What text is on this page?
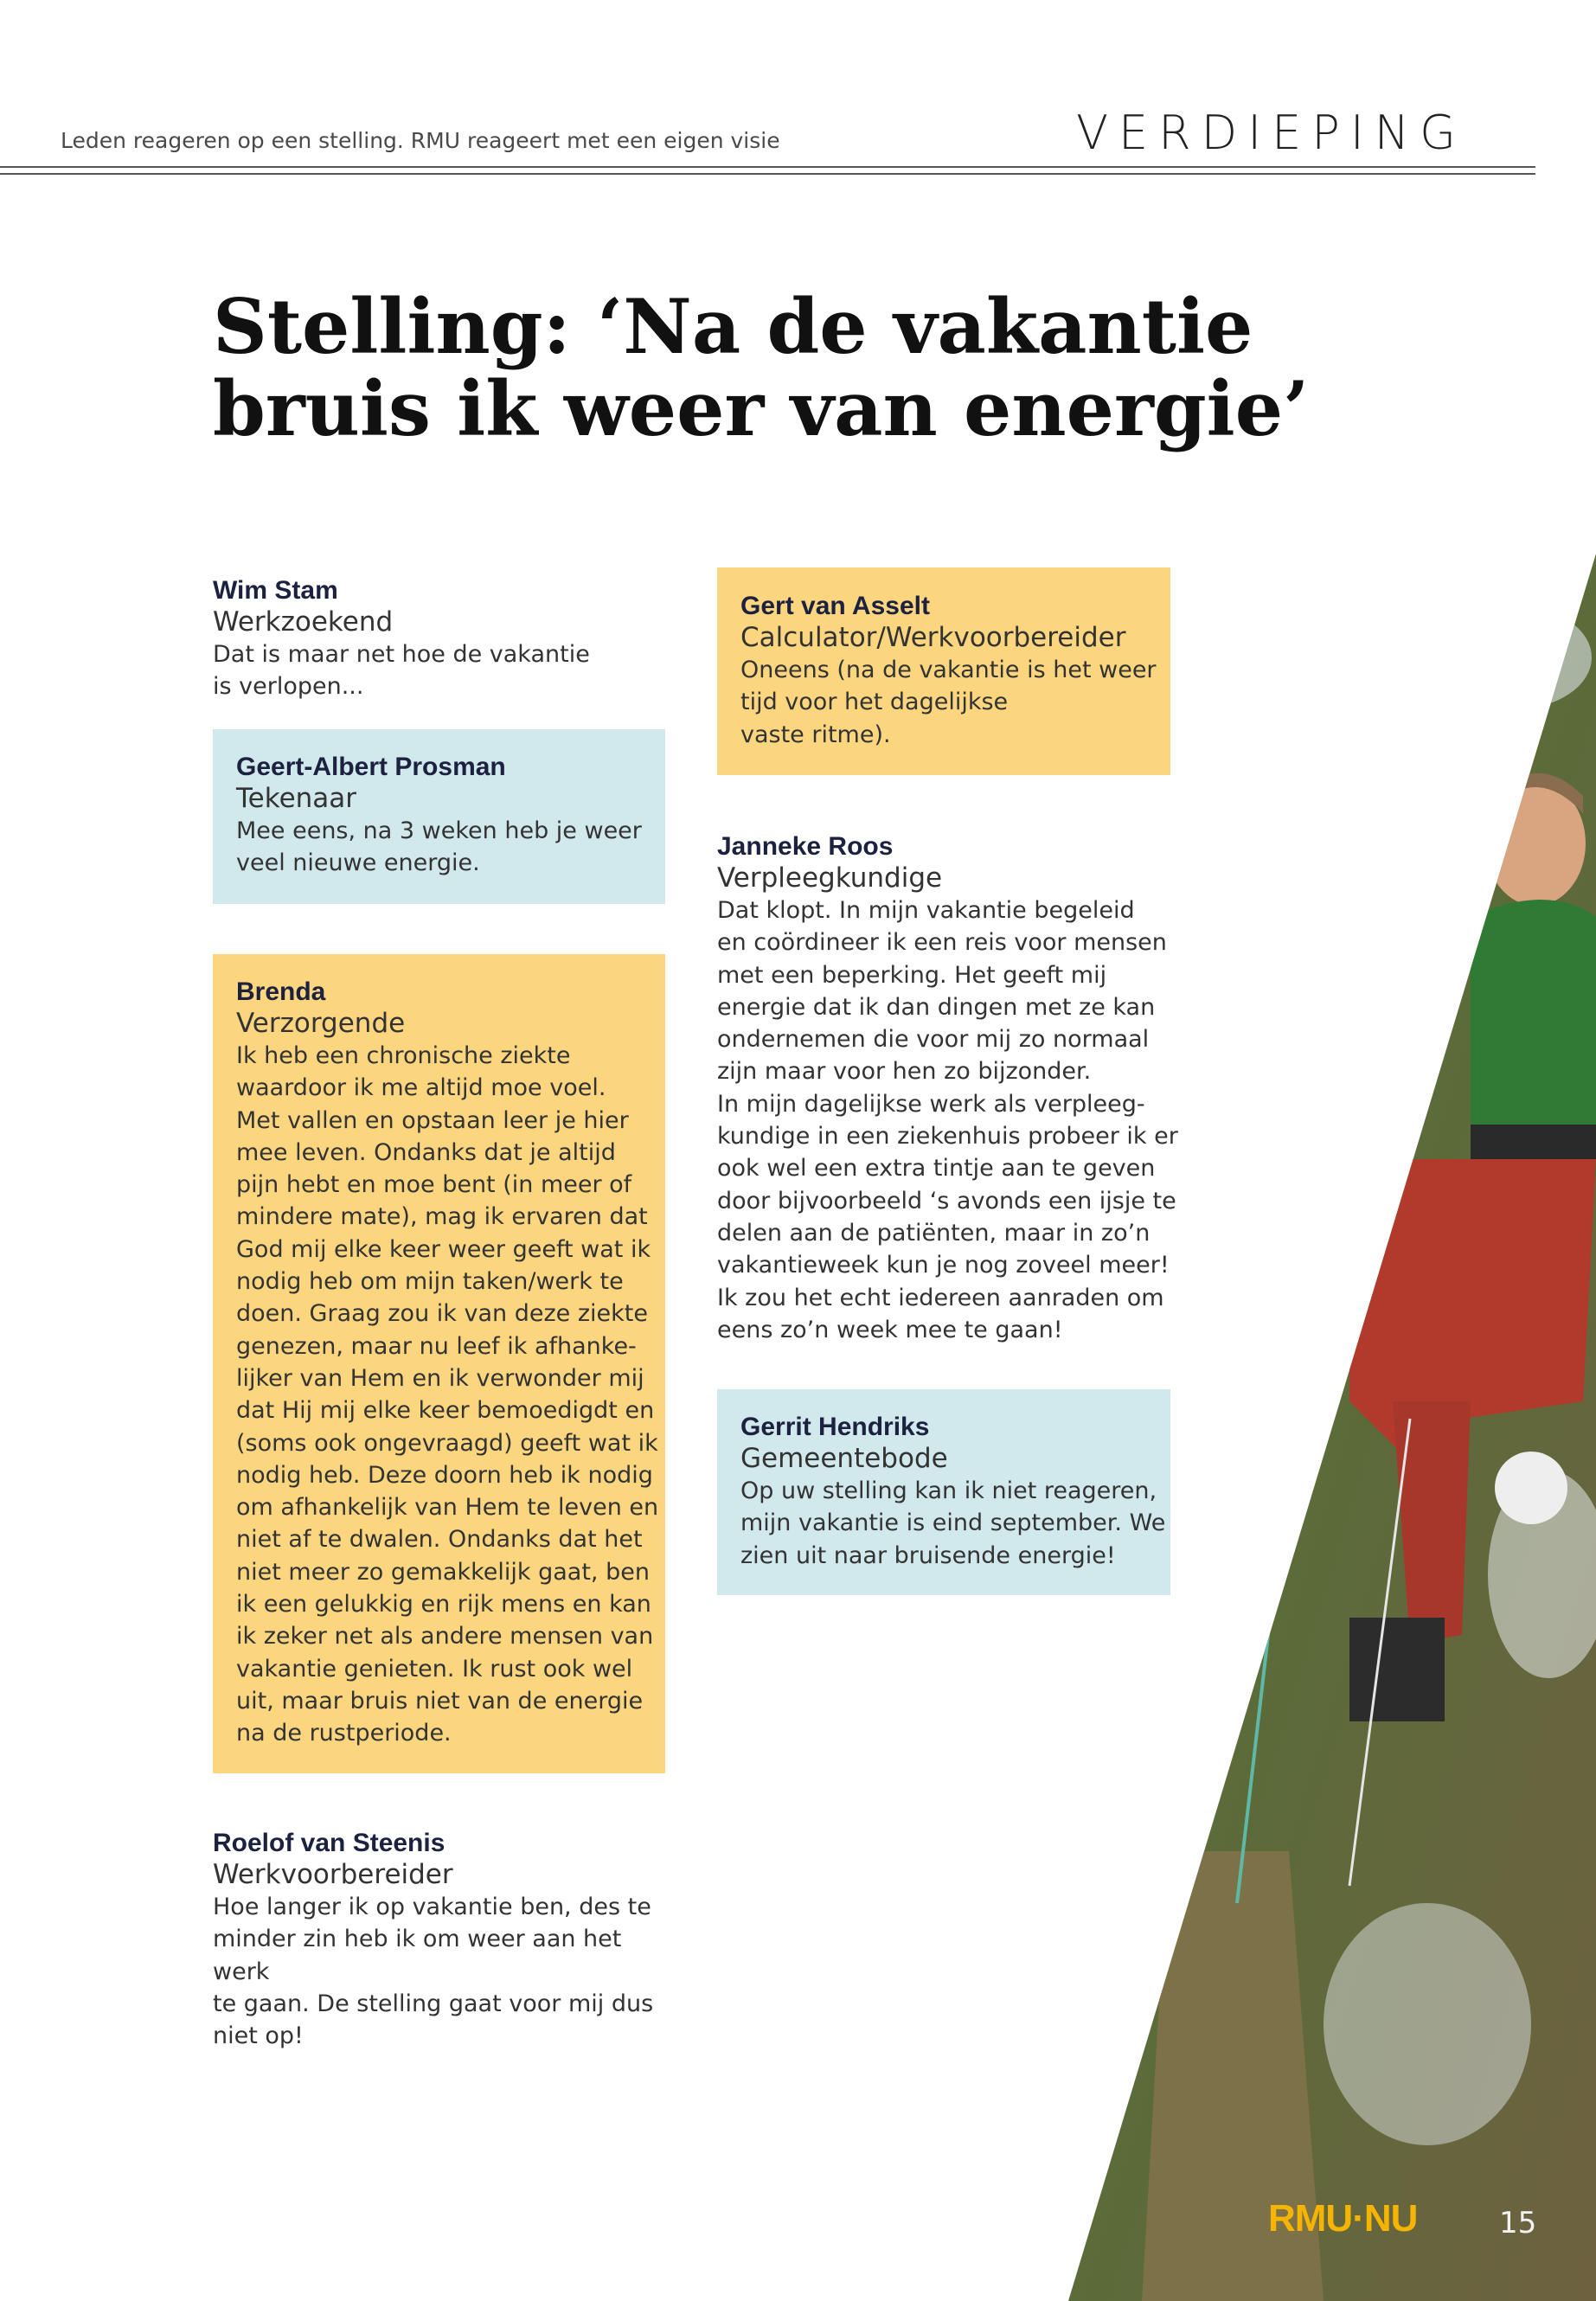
Leden reageren op een stelling. RMU reageert met een eigen visie	VERDIEPING
Stelling: ‘Na de vakantie bruis ik weer van energie’
Wim Stam
Werkzoekend
Dat is maar net hoe de vakantie
is verlopen...
Geert-Albert Prosman
Tekenaar
Mee eens, na 3 weken heb je weer
veel nieuwe energie.
Brenda
Verzorgende
Ik heb een chronische ziekte
waardoor ik me altijd moe voel.
Met vallen en opstaan leer je hier
mee leven. Ondanks dat je altijd
pijn hebt en moe bent (in meer of
mindere mate), mag ik ervaren dat
God mij elke keer weer geeft wat ik
nodig heb om mijn taken/werk te
doen. Graag zou ik van deze ziekte
genezen, maar nu leef ik afhanke-
lijker van Hem en ik verwonder mij
dat Hij mij elke keer bemoedigdt en
(soms ook ongevraagd) geeft wat ik
nodig heb. Deze doorn heb ik nodig
om afhankelijk van Hem te leven en
niet af te dwalen. Ondanks dat het
niet meer zo gemakkelijk gaat, ben
ik een gelukkig en rijk mens en kan
ik zeker net als andere mensen van
vakantie genieten. Ik rust ook wel
uit, maar bruis niet van de energie
na de rustperiode.
Roelof van Steenis
Werkvoorbereider
Hoe langer ik op vakantie ben, des te
minder zin heb ik om weer aan het werk
te gaan. De stelling gaat voor mij dus
niet op!
Gert van Asselt
Calculator/Werkvoorbereider
Oneens (na de vakantie is het weer
tijd voor het dagelijkse
vaste ritme).
Janneke Roos
Verpleegkundige
Dat klopt. In mijn vakantie begeleid
en coördineer ik een reis voor mensen
met een beperking. Het geeft mij
energie dat ik dan dingen met ze kan
ondernemen die voor mij zo normaal
zijn maar voor hen zo bijzonder.
In mijn dagelijkse werk als verpleeg-
kundige in een ziekenhuis probeer ik er
ook wel een extra tintje aan te geven
door bijvoorbeeld ‘s avonds een ijsje te
delen aan de patiënten, maar in zo’n
vakantieweek kun je nog zoveel meer!
Ik zou het echt iedereen aanraden om
eens zo’n week mee te gaan!
Gerrit Hendriks
Gemeentebode
Op uw stelling kan ik niet reageren,
mijn vakantie is eind september. We
zien uit naar bruisende energie!
RMU·NU	15
